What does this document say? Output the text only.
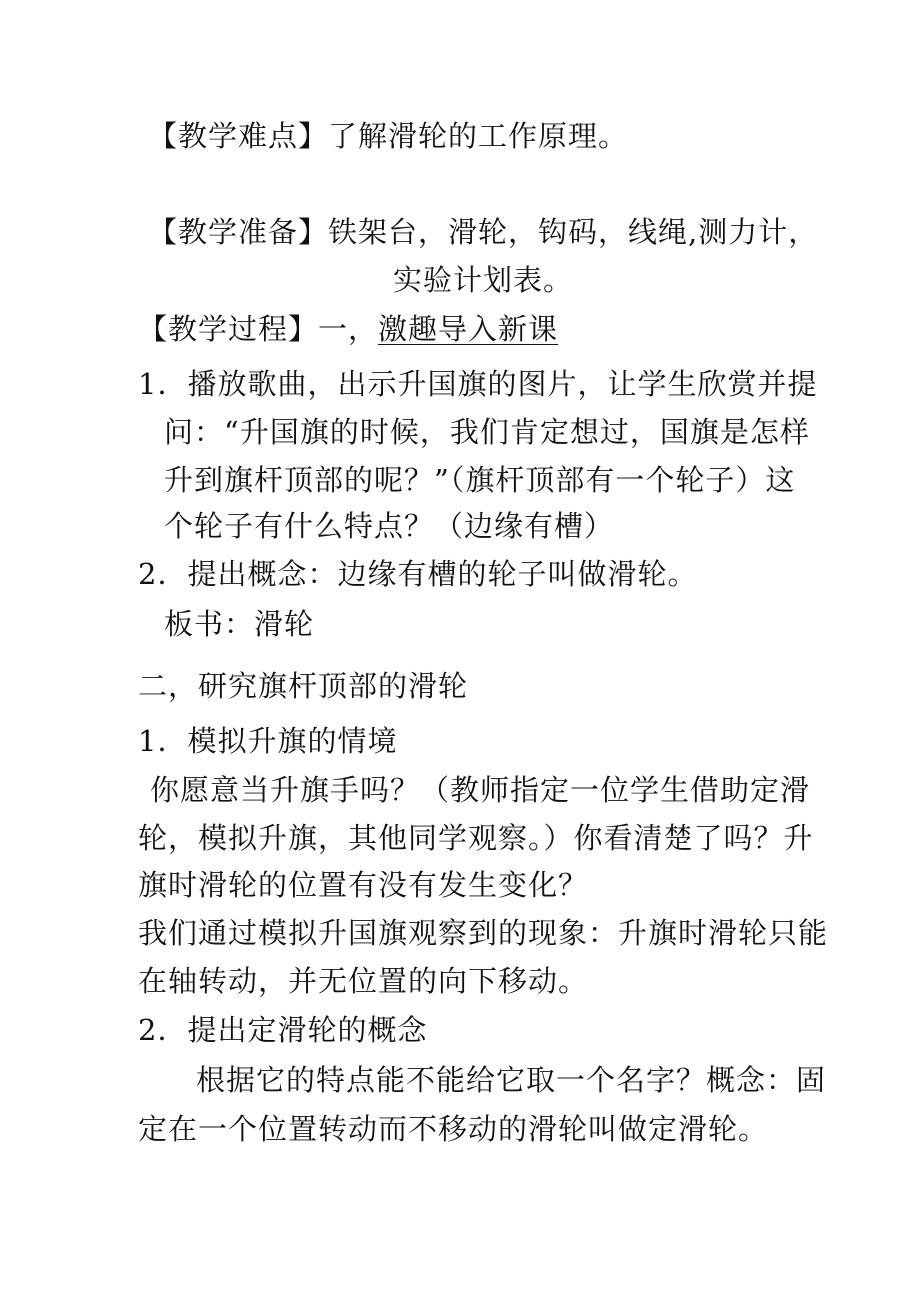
【教学难点】了解滑轮的工作原理。
【教学准备】铁架台，滑轮，钩码，线绳,测力计，
实验计划表。
【教学过程】一，激趣导入新课
1．播放歌曲，出示升国旗的图片，让学生欣赏并提
问：“升国旗的时候，我们肯定想过，国旗是怎样
升到旗杆顶部的呢？”（旗杆顶部有一个轮子）这
个轮子有什么特点？（边缘有槽）
2．提出概念：边缘有槽的轮子叫做滑轮。
板书：滑轮
二，研究旗杆顶部的滑轮
1．模拟升旗的情境
你愿意当升旗手吗？（教师指定一位学生借助定滑
轮，模拟升旗，其他同学观察。）你看清楚了吗？升
旗时滑轮的位置有没有发生变化？
我们通过模拟升国旗观察到的现象：升旗时滑轮只能
在轴转动，并无位置的向下移动。
2．提出定滑轮的概念
根据它的特点能不能给它取一个名字？概念：固
定在一个位置转动而不移动的滑轮叫做定滑轮。
